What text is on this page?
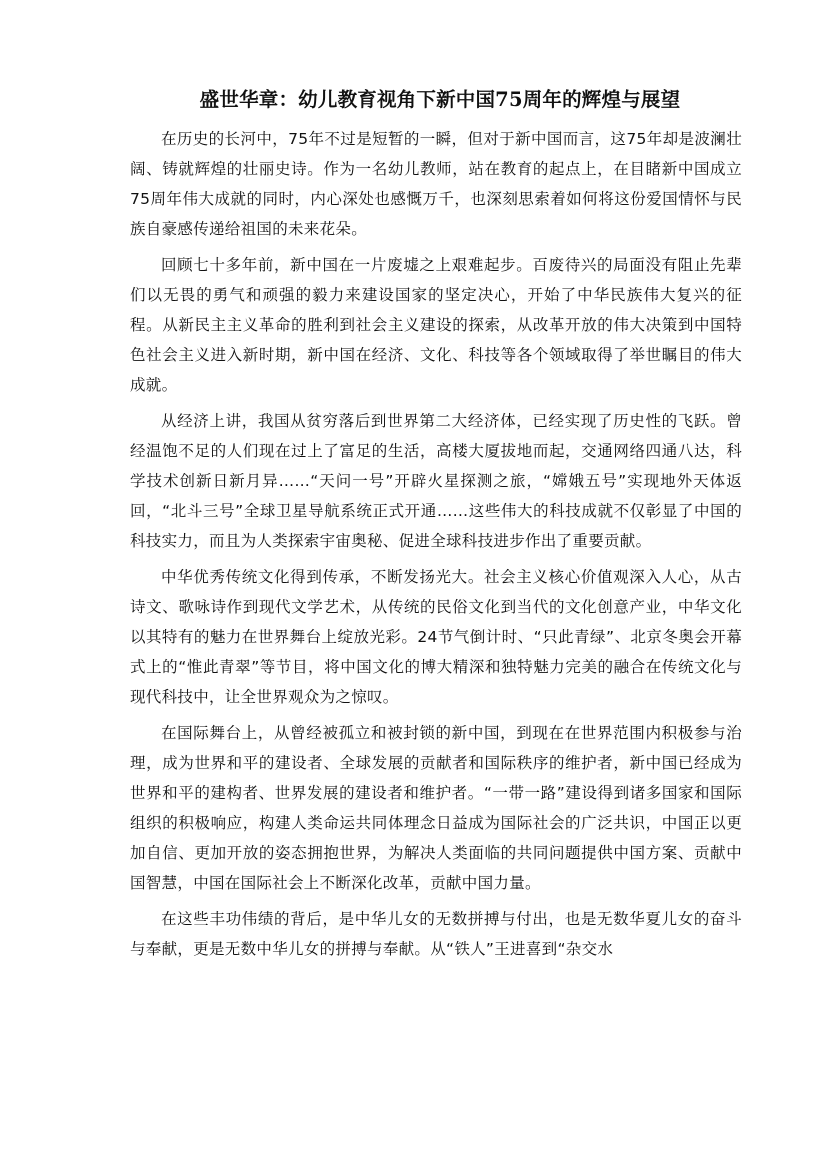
盛世华章：幼儿教育视角下新中国75周年的辉煌与展望

在历史的长河中，75年不过是短暂的一瞬，但对于新中国而言，这75年却是波澜壮阔、铸就辉煌的壮丽史诗。作为一名幼儿教师，站在教育的起点上，在目睹新中国成立75周年伟大成就的同时，内心深处也感慨万千，也深刻思索着如何将这份爱国情怀与民族自豪感传递给祖国的未来花朵。

回顾七十多年前，新中国在一片废墟之上艰难起步。百废待兴的局面没有阻止先辈们以无畏的勇气和顽强的毅力来建设国家的坚定决心，开始了中华民族伟大复兴的征程。从新民主主义革命的胜利到社会主义建设的探索，从改革开放的伟大决策到中国特色社会主义进入新时期，新中国在经济、文化、科技等各个领域取得了举世瞩目的伟大成就。

从经济上讲，我国从贫穷落后到世界第二大经济体，已经实现了历史性的飞跃。曾经温饱不足的人们现在过上了富足的生活，高楼大厦拔地而起，交通网络四通八达，科学技术创新日新月异……“天问一号”开辟火星探测之旅，“嫦娥五号”实现地外天体返回，“北斗三号”全球卫星导航系统正式开通……这些伟大的科技成就不仅彰显了中国的科技实力，而且为人类探索宇宙奥秘、促进全球科技进步作出了重要贡献。

中华优秀传统文化得到传承，不断发扬光大。社会主义核心价值观深入人心，从古诗文、歌咏诗作到现代文学艺术，从传统的民俗文化到当代的文化创意产业，中华文化以其特有的魅力在世界舞台上绽放光彩。24节气倒计时、“只此青绿”、北京冬奥会开幕式上的“惟此青翠”等节目，将中国文化的博大精深和独特魅力完美的融合在传统文化与现代科技中，让全世界观众为之惊叹。

在国际舞台上，从曾经被孤立和被封锁的新中国，到现在在世界范围内积极参与治理，成为世界和平的建设者、全球发展的贡献者和国际秩序的维护者，新中国已经成为世界和平的建构者、世界发展的建设者和维护者。“一带一路”建设得到诸多国家和国际组织的积极响应，构建人类命运共同体理念日益成为国际社会的广泛共识，中国正以更加自信、更加开放的姿态拥抱世界，为解决人类面临的共同问题提供中国方案、贡献中国智慧，中国在国际社会上不断深化改革，贡献中国力量。

在这些丰功伟绩的背后，是中华儿女的无数拼搏与付出，也是无数华夏儿女的奋斗与奉献，更是无数中华儿女的拼搏与奉献。从“铁人”王进喜到“杂交水
